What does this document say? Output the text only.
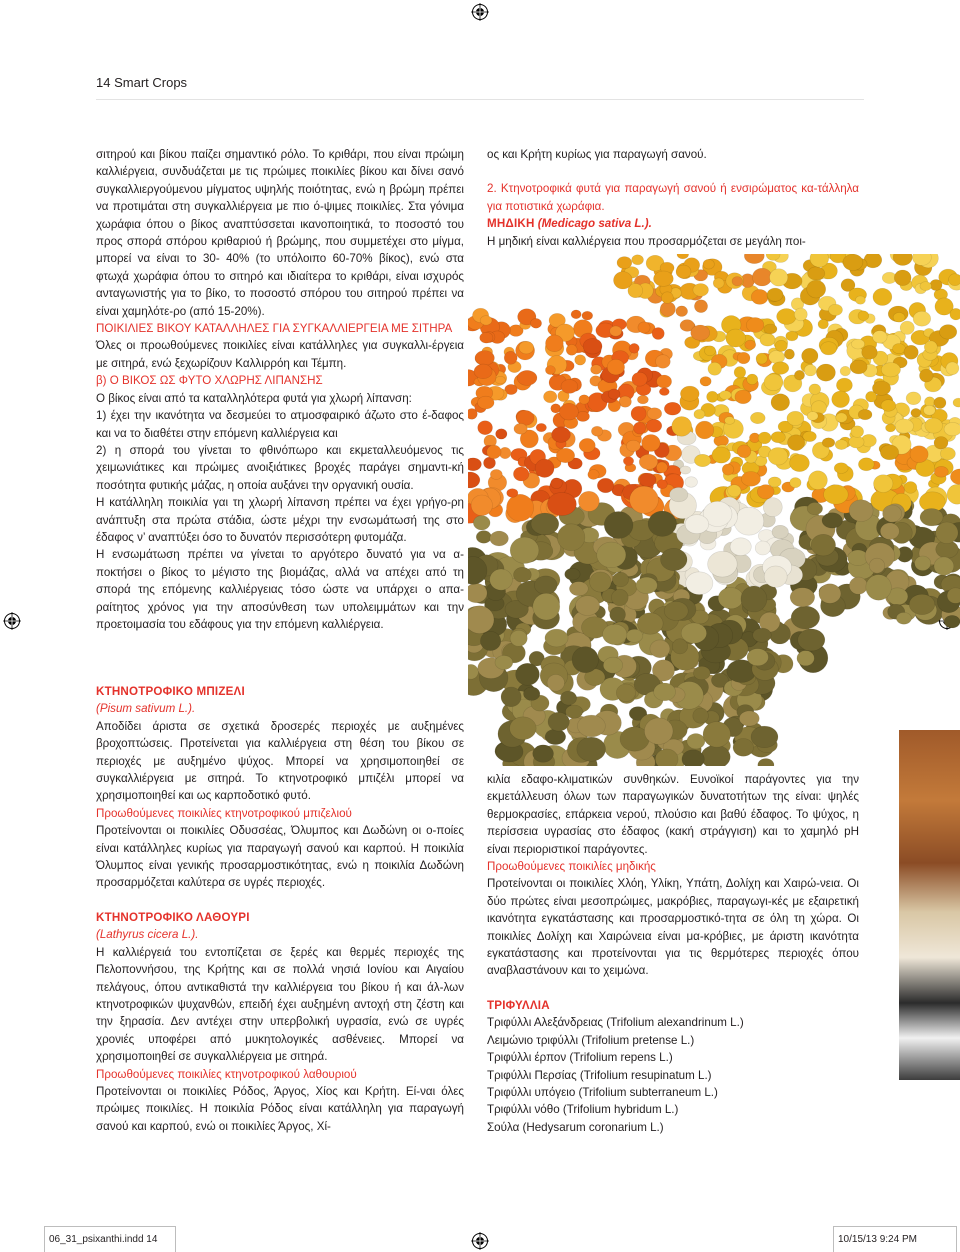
14 Smart Crops

σιτηρού και βίκου παίζει σημαντικό ρόλο. Το κριθάρι, που είναι πρώιμη καλλιέργεια, συνδυάζεται με τις πρώιμες ποικιλίες βίκου και δίνει σανό συγκαλλιεργούμενου μίγματος υψηλής ποιότητας, ενώ η βρώμη πρέπει να προτιμάται στη συγκαλλιέργεια με πιο ό-ψιμες ποικιλίες. Στα γόνιμα χωράφια όπου ο βίκος αναπτύσσεται ικανοποιητικά, το ποσοστό του προς σπορά σπόρου κριθαριού ή βρώμης, που συμμετέχει στο μίγμα, μπορεί να είναι το 30- 40% (το υπόλοιπο 60-70% βίκος), ενώ στα φτωχά χωράφια όπου το σιτηρό και ιδιαίτερα το κριθάρι, είναι ισχυρός ανταγωνιστής για το βίκο, το ποσοστό σπόρου του σιτηρού πρέπει να είναι χαμηλότε-ρο (από 15-20%).

ΠΟΙΚΙΛΙΕΣ ΒΙΚΟΥ ΚΑΤΑΛΛΗΛΕΣ ΓΙΑ ΣΥΓΚΑΛΛΙΕΡΓΕΙΑ ΜΕ ΣΙΤΗΡΑ

Όλες οι προωθούμενες ποικιλίες είναι κατάλληλες για συγκαλλι-έργεια με σιτηρά, ενώ ξεχωρίζουν Καλλιρρόη και Τέμπη.

β) Ο ΒΙΚΟΣ ΩΣ ΦΥΤΟ ΧΛΩΡΗΣ ΛΙΠΑΝΣΗΣ

Ο βίκος είναι από τα καταλληλότερα φυτά για χλωρή λίπανση:

1) έχει την ικανότητα να δεσμεύει το ατμοσφαιρικό άζωτο στο έ-δαφος και να το διαθέτει στην επόμενη καλλιέργεια και

2) η σπορά του γίνεται το φθινόπωρο και εκμεταλλευόμενος τις χειμωνιάτικες και πρώιμες ανοιξιάτικες βροχές παράγει σημαντι-κή ποσότητα φυτικής μάζας, η οποία αυξάνει την οργανική ουσία.

Η κατάλληλη ποικιλία γαι τη χλωρή λίπανση πρέπει να έχει γρήγο-ρη ανάπτυξη στα πρώτα στάδια, ώστε μέχρι την ενσωμάτωσή της στο έδαφος ν’ αναπτύξει όσο το δυνατόν περισσότερη φυτομάζα.

Η ενσωμάτωση πρέπει να γίνεται το αργότερο δυνατό για να α-ποκτήσει ο βίκος το μέγιστο της βιομάζας, αλλά να απέχει από τη σπορά της επόμενης καλλιέργειας τόσο ώστε να υπάρχει ο απα-ραίτητος χρόνος για την αποσύνθεση των υπολειμμάτων και την προετοιμασία του εδάφους για την επόμενη καλλιέργεια.

ος και Κρήτη κυρίως για παραγωγή σανού.

2. Κτηνοτροφικά φυτά για παραγωγή σανού ή ενσιρώματος κα-τάλληλα για ποτιστικά χωράφια.

ΜΗΔΙΚΗ (Medicago sativa L.).

Η μηδική είναι καλλιέργεια που προσαρμόζεται σε μεγάλη ποι-

ΚΤΗΝΟΤΡΟΦΙΚΟ ΜΠΙΖΕΛΙ

(Pisum sativum L.).

Αποδίδει άριστα σε σχετικά δροσερές περιοχές με αυξημένες βροχοπτώσεις. Προτείνεται για καλλιέργεια στη θέση του βίκου σε περιοχές με αυξημένο ψύχος. Μπορεί να χρησιμοποιηθεί σε συγκαλλιέργεια με σιτηρά. Το κτηνοτροφικό μπιζέλι μπορεί να χρησιμοποιηθεί και ως καρποδοτικό φυτό.

Προωθούμενες ποικιλίες κτηνοτροφικού μπιζελιού

Προτείνονται οι ποικιλίες Οδυσσέας, Όλυμπος και Δωδώνη οι ο-ποίες είναι κατάλληλες κυρίως για παραγωγή σανού και καρπού. Η ποικιλία Όλυμπος είναι γενικής προσαρμοστικότητας, ενώ η ποικιλία Δωδώνη προσαρμόζεται καλύτερα σε υγρές περιοχές.

ΚΤΗΝΟΤΡΟΦΙΚΟ ΛΑΘΟΥΡΙ

(Lathyrus cicera L.).

Η καλλιέργειά του εντοπίζεται σε ξερές και θερμές περιοχές της Πελοποννήσου, της Κρήτης και σε πολλά νησιά Ιονίου και Αιγαίου πελάγους, όπου αντικαθιστά την καλλιέργεια του βίκου ή και άλ-λων κτηνοτροφικών ψυχανθών, επειδή έχει αυξημένη αντοχή στη ζέστη και την ξηρασία. Δεν αντέχει στην υπερβολική υγρασία, ενώ σε υγρές χρονιές υποφέρει από μυκητολογικές ασθένειες. Μπορεί να χρησιμοποιηθεί σε συγκαλλιέργεια με σιτηρά.

Προωθούμενες ποικιλίες κτηνοτροφικού λαθουριού

Προτείνονται οι ποικιλίες Ρόδος, Άργος, Χίος και Κρήτη. Εί-ναι όλες πρώιμες ποικιλίες. Η ποικιλία Ρόδος είναι κατάλληλη για παραγωγή σανού και καρπού, ενώ οι ποικιλίες Άργος, Χί-

κιλία εδαφο-κλιματικών συνθηκών. Ευνοϊκοί παράγοντες για την εκμετάλλευση όλων των παραγωγικών δυνατοτήτων της είναι: ψηλές θερμοκρασίες, επάρκεια νερού, πλούσιο και βαθύ έδαφος. Το ψύχος, η περίσσεια υγρασίας στο έδαφος (κακή στράγγιση) και το χαμηλό pH είναι περιοριστικοί παράγοντες.

Προωθούμενες ποικιλίες μηδικής

Προτείνονται οι ποικιλίες Χλόη, Υλίκη, Υπάτη, Δολίχη και Χαιρώ-νεια. Οι δύο πρώτες είναι μεσοπρώιμες, μακρόβιες, παραγωγι-κές με εξαιρετική ικανότητα εγκατάστασης και προσαρμοστικό-τητα σε όλη τη χώρα. Οι ποικιλίες Δολίχη και Χαιρώνεια είναι μα-κρόβιες, με άριστη ικανότητα εγκατάστασης και προτείνονται για τις θερμότερες περιοχές όπου αναβλαστάνουν και το χειμώνα.

ΤΡΙΦΥΛΛΙΑ

Τριφύλλι Αλεξάνδρειας (Trifolium alexandrinum L.)

Λειμώνιο τριφύλλι (Trifolium pretense L.)

Τριφύλλι έρπον (Trifolium repens L.)

Τριφύλλι Περσίας (Trifolium resupinatum L.)

Τριφύλλι υπόγειο (Trifolium subterraneum L.)

Τριφύλλι νόθο (Trifolium hybridum L.)

Σούλα (Hedysarum coronarium L.)

06_31_psixanthi.indd 14	10/15/13 9:24 PM
